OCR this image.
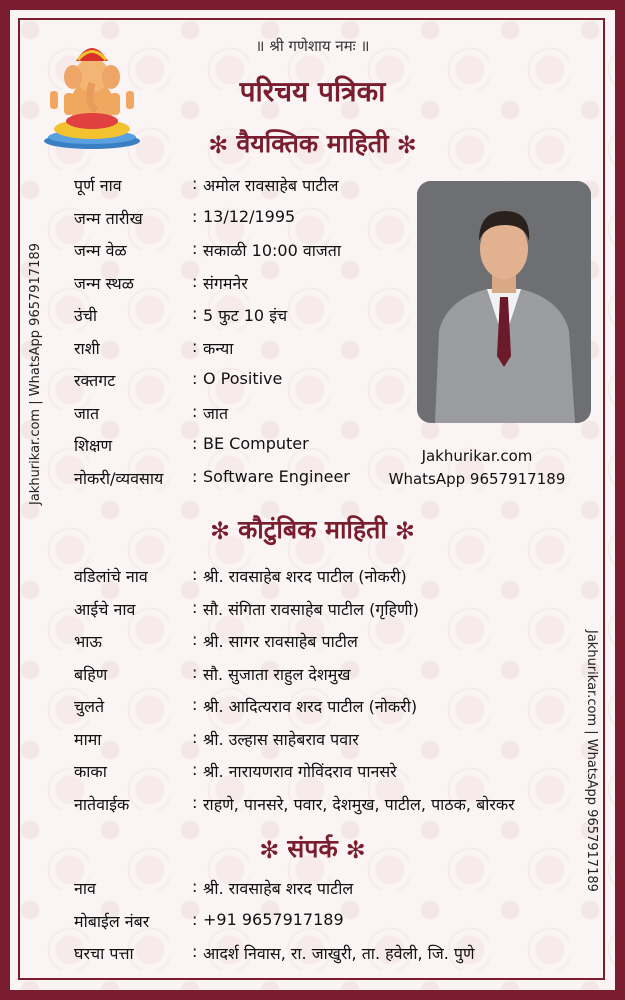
॥ श्री गणेशाय नमः ॥
परिचय पत्रिका
✻ वैयक्तिक माहिती ✻
पूर्ण नाव	: अमोल रावसाहेब पाटील
जन्म तारीख	: 13/12/1995
जन्म वेळ	: सकाळी 10:00 वाजता
जन्म स्थळ	: संगमनेर
उंची	: 5 फुट 10 इंच
राशी	: कन्या
रक्तगट	: O Positive
जात	: जात
शिक्षण	: BE Computer
नोकरी/व्यवसाय : Software Engineer
Jakhurikar.com
WhatsApp 9657917189
✻ कौटुंबिक माहिती ✻
वडिलांचे नाव	: श्री. रावसाहेब शरद पाटील (नोकरी)
आईचे नाव	: सौ. संगिता रावसाहेब पाटील (गृहिणी)
भाऊ	: श्री. सागर रावसाहेब पाटील
बहिण	: सौ. सुजाता राहुल देशमुख
चुलते	: श्री. आदित्यराव शरद पाटील (नोकरी)
मामा	: श्री. उल्हास साहेबराव पवार
काका	: श्री. नारायणराव गोविंदराव पानसरे
नातेवाईक	: राहणे, पानसरे, पवार, देशमुख, पाटील, पाठक, बोरकर
✻ संपर्क ✻
नाव	: श्री. रावसाहेब शरद पाटील
मोबाईल नंबर	: +91 9657917189
घरचा पत्ता	: आदर्श निवास, रा. जाखुरी, ता. हवेली, जि. पुणे
Jakhurikar.com | WhatsApp 9657917189
Jakhurikar.com | WhatsApp 9657917189
